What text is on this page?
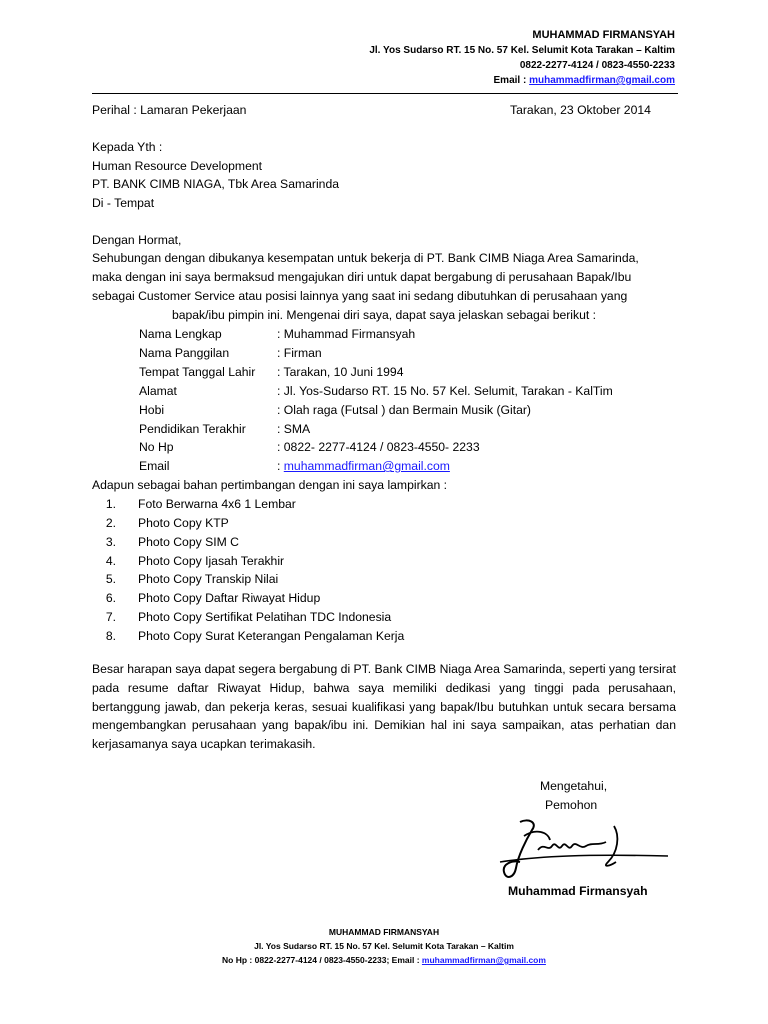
MUHAMMAD FIRMANSYAH
Jl. Yos Sudarso RT. 15 No. 57 Kel. Selumit Kota Tarakan – Kaltim
0822-2277-4124 / 0823-4550-2233
Email : muhammadfirman@gmail.com
Perihal : Lamaran Pekerjaan	Tarakan, 23 Oktober 2014
Kepada Yth :
Human Resource Development
PT. BANK CIMB NIAGA, Tbk Area Samarinda
Di - Tempat
Dengan Hormat,
Sehubungan dengan dibukanya kesempatan untuk bekerja di PT. Bank CIMB Niaga Area Samarinda,
maka dengan ini saya bermaksud mengajukan diri untuk dapat bergabung di perusahaan Bapak/Ibu
sebagai Customer Service atau posisi lainnya yang saat ini sedang dibutuhkan di perusahaan yang
bapak/ibu pimpin ini. Mengenai diri saya, dapat saya jelaskan sebagai berikut :
Nama Lengkap	: Muhammad Firmansyah
Nama Panggilan	: Firman
Tempat Tanggal Lahir : Tarakan, 10 Juni 1994
Alamat	: Jl. Yos-Sudarso RT. 15 No. 57 Kel. Selumit, Tarakan - KalTim
Hobi	: Olah raga (Futsal ) dan Bermain Musik (Gitar)
Pendidikan Terakhir	: SMA
No Hp	: 0822- 2277-4124 / 0823-4550- 2233
Email	: muhammadfirman@gmail.com
Adapun sebagai bahan pertimbangan dengan ini saya lampirkan :
1. Foto Berwarna 4x6 1 Lembar
2. Photo Copy KTP
3. Photo Copy SIM C
4. Photo Copy Ijasah Terakhir
5. Photo Copy Transkip Nilai
6. Photo Copy Daftar Riwayat Hidup
7. Photo Copy Sertifikat Pelatihan TDC Indonesia
8. Photo Copy Surat Keterangan Pengalaman Kerja
Besar harapan saya dapat segera bergabung di PT. Bank CIMB Niaga Area Samarinda, seperti yang tersirat pada resume daftar Riwayat Hidup, bahwa saya memiliki dedikasi yang tinggi pada perusahaan, bertanggung jawab, dan pekerja keras, sesuai kualifikasi yang bapak/Ibu butuhkan untuk secara bersama mengembangkan perusahaan yang bapak/ibu ini. Demikian hal ini saya sampaikan, atas perhatian dan kerjasamanya saya ucapkan terimakasih.
Mengetahui,
Pemohon
Muhammad Firmansyah
MUHAMMAD FIRMANSYAH
Jl. Yos Sudarso RT. 15 No. 57 Kel. Selumit Kota Tarakan – Kaltim
No Hp : 0822-2277-4124 / 0823-4550-2233; Email : muhammadfirman@gmail.com
